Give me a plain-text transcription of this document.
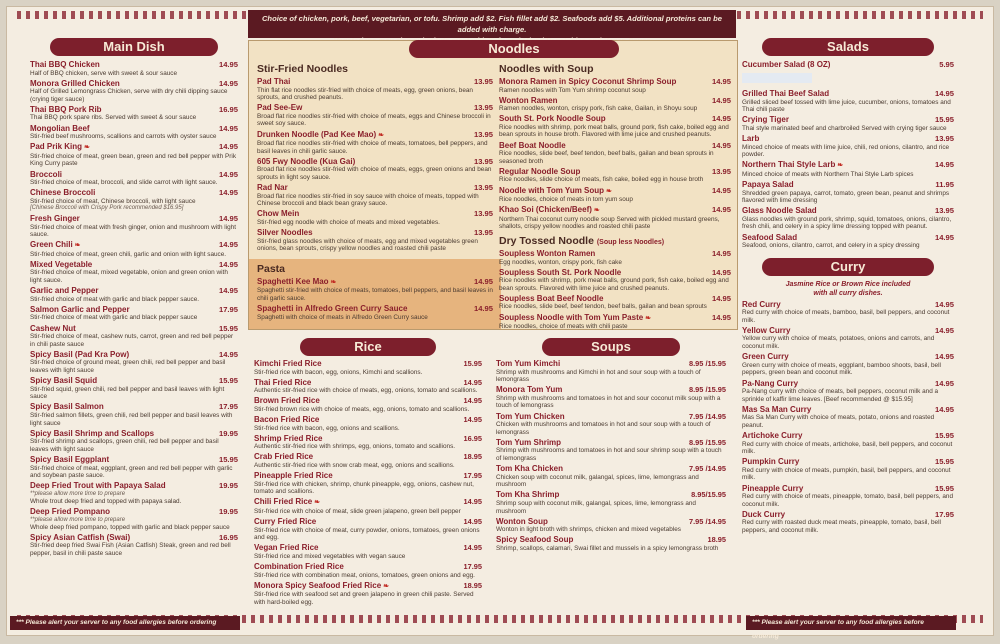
Choice of chicken, pork, beef, vegetarian, or tofu. Shrimp add $2. Fish fillet add $2. Seafoods add $5. Additional proteins can be added with charge.
Main Dish
Thai BBQ Chicken	14.95
Half of BBQ chicken, serve with sweet & sour sauce
Monora Grilled Chicken	14.95
Half of Grilled Lemongrass Chicken, serve with dry chili dipping sauce (crying tiger sauce)
Thai BBQ Pork Rib	16.95
Thai BBQ pork spare ribs. Served with sweet & sour sauce
Mongolian Beef	14.95
Stir-fried beef mushrooms, scallions and carrots with oyster sauce
Pad Prik King ❧	14.95
Stir-fried choice of meat, green bean, green and red bell pepper with Prik King Curry paste
Broccoli	14.95
Stir-fried choice of meat, broccoli, and slide carrot with light sauce.
Chinese Broccoli	14.95
Stir-fried choice of meat, Chinese broccoli, with light sauce
[Chinese Broccoli with Crispy Pork recommended $16.95]
Fresh Ginger	14.95
Stir-fried choice of meat with fresh ginger, onion and mushroom with light sauce.
Green Chili ❧	14.95
Stir-fried choice of meat, green chili, garlic and onion with light sauce.
Mixed Vegetable	14.95
Stir-fried choice of meat, mixed vegetable, onion and green onion with light sauce.
Garlic and Pepper	14.95
Stir-fried choice of meat with garlic and black pepper sauce.
Salmon Garlic and Pepper	17.95
Stir-fried choice of meat with garlic and black pepper sauce
Cashew Nut	15.95
Stir-fried choice of meat, cashew nuts, carrot, green and red bell pepper in chili paste sauce
Spicy Basil (Pad Kra Pow)	14.95
Stir-fried choice of ground meat, green chili, red bell pepper and basil leaves with light sauce
Spicy Basil Squid	15.95
Stir-fried squid, green chili, red bell pepper and basil leaves with light sauce
Spicy Basil Salmon	17.95
Stir-fried salmon fillets, green chili, red bell pepper and basil leaves with light sauce
Spicy Basil Shrimp and Scallops	19.95
Stir-fried shrimp and scallops, green chili, red bell pepper and basil leaves with light sauce
Spicy Basil Eggplant	15.95
Stir-fried choice of meat, eggplant, green and red bell pepper with garlic and soybean paste sauce.
Deep Fried Trout with Papaya Salad	19.95
**please allow more time to prepare
Whole trout deep fried and topped with papaya salad.
Deep Fried Pompano	19.95
**please allow more time to prepare
Whole deep fried pompano, topped with garlic and black pepper sauce
Spicy Asian Catfish (Swai)	16.95
Stir-fried deep fried Swai Fish (Asian Catfish) Steak, green and red bell pepper, basil in chili paste sauce
Noodles
Stir-Fried Noodles
Pad Thai	13.95
Thin flat rice noodles stir-fried with choice of meats, egg, green onions, bean sprouts, and crushed peanuts.
Pad See-Ew	13.95
Broad flat rice noodles stir-fried with choice of meats, eggs and Chinese broccoli in sweet soy sauce.
Drunken Noodle (Pad Kee Mao) ❧	13.95
Broad flat rice noodles stir-fried with choice of meats, tomatoes, bell peppers, and basil leaves in chili garlic sauce.
605 Fwy Noodle (Kua Gai)	13.95
Broad flat rice noodles stir-fried with choice of meats, eggs, green onions and bean sprouts in light soy sauce.
Rad Nar	13.95
Broad flat rice noodles stir-fried in soy sauce with choice of meats, topped with Chinese broccoli and black bean gravy sauce.
Chow Mein	13.95
Stir-fried egg noodle with choice of meats and mixed vegetables.
Silver Noodles	13.95
Stir-fried glass noodles with choice of meats, egg and mixed vegetables green onions, bean sprouts, crispy yellow noodles and roasted chili paste
Pasta
Spaghetti Kee Mao ❧	14.95
Spaghetti stir-fried with choice of meats, tomatoes, bell peppers, and basil leaves in chili garlic sauce.
Spaghetti in Alfredo Green Curry Sauce	14.95
Spaghetti with choice of meats in Alfredo Green Curry sauce
Noodles with Soup
Monora Ramen in Spicy Coconut Shrimp Soup	14.95
Ramen noodles with Tom Yum shrimp coconut soup
Wonton Ramen	14.95
Ramen noodles, wonton, crispy pork, fish cake, Gailan, in Shoyu soup
South St. Pork Noodle Soup	14.95
Rice noodles with shrimp, pork meat balls, ground pork, fish cake, boiled egg and bean sprouts in house broth. Flavored with lime juice and crushed peanuts.
Beef Boat Noodle	14.95
Rice noodles, slide beef, beef tendon, beef balls, gailan and bean sprouts in seasoned broth
Regular Noodle Soup	13.95
Rice noodles, slide choice of meats, fish cake, boiled egg in house broth
Noodle with Tom Yum Soup ❧	14.95
Rice noodles, choice of meats in tom yum soup
Khao Soi (Chicken/Beef) ❧	14.95
Northern Thai coconut curry noodle soup Served with pickled mustard greens, shallots, crispy yellow noodles and roasted chili paste
Dry Tossed Noodle (Soup less Noodles)
Soupless Wonton Ramen	14.95
Egg noodles, wonton, crispy pork, fish cake
Soupless South St. Pork Noodle	14.95
Rice noodles with shrimp, pork meat balls, ground pork, fish cake, boiled egg and bean sprouts. Flavored with lime juice and crushed peanuts.
Soupless Boat Beef Noodle	14.95
Rice noodles, slide beef, beef tendon, beef balls, gailan and bean sprouts
Soupless Noodle with Tom Yum Paste ❧	14.95
Rice noodles, choice of meats with chili paste
Rice
Kimchi Fried Rice	15.95
Stir-fried rice with bacon, egg, onions, Kimchi and scallions.
Thai Fried Rice	14.95
Authentic stir-fried rice with choice of meats, egg, onions, tomato and scallions.
Brown Fried Rice	14.95
Stir-fried brown rice with choice of meats, egg, onions, tomato and scallions.
Bacon Fried Rice	14.95
Stir-fried rice with bacon, egg, onions and scallions.
Shrimp Fried Rice	16.95
Authentic stir-fried rice with shrimps, egg, onions, tomato and scallions.
Crab Fried Rice	18.95
Authentic stir-fried rice with snow crab meat, egg, onions and scallions.
Pineapple Fried Rice	17.95
Stir-fried rice with chicken, shrimp, chunk pineapple, egg, onions, cashew nut, tomato and scallions.
Chili Fried Rice ❧	14.95
Stir-fried rice with choice of meat, slide green jalapeno, green bell pepper
Curry Fried Rice	14.95
Stir-fried rice with choice of meat, curry powder, onions, tomatoes, green onions and egg.
Vegan Fried Rice	14.95
Stir-fried rice and mixed vegetables with vegan sauce
Combination Fried Rice	17.95
Stir-fried rice with combination meat, onions, tomatoes, green onions and egg.
Monora Spicy Seafood Fried Rice ❧	18.95
Stir-fried rice with seafood set and green jalapeno in green chili paste. Served with hard-boiled egg.
Soups
Tom Yum Kimchi	8.95 /15.95
Shrimp with mushrooms and Kimchi in hot and sour soup with a touch of lemongrass
Monora Tom Yum	8.95 /15.95
Shrimp with mushrooms and tomatoes in hot and sour coconut milk soup with a touch of lemongrass
Tom Yum Chicken	7.95 /14.95
Chicken with mushrooms and tomatoes in hot and sour soup with a touch of lemongrass
Tom Yum Shrimp	8.95 /15.95
Shrimp with mushrooms and tomatoes in hot and sour shrimp soup with a touch of lemongrass
Tom Kha Chicken	7.95 /14.95
Chicken soup with coconut milk, galangal, spices, lime, lemongrass and mushroom
Tom Kha Shrimp	8.95/15.95
Shrimp soup with coconut milk, galangal, spices, lime, lemongrass and mushroom
Wonton Soup	7.95 /14.95
Wonton in light broth with shrimps, chicken and mixed vegetables
Spicy Seafood Soup	18.95
Shrimp, scallops, calamari, Swai fillet and mussels in a spicy lemongrass broth
Salads
Cucumber Salad (8 OZ)	5.95
Grilled Thai Beef Salad	14.95
Grilled sliced beef tossed with lime juice, cucumber, onions, tomatoes and Thai chili paste
Crying Tiger	15.95
Thai style marinated beef and charbroiled Served with crying tiger sauce
Larb	13.95
Minced choice of meats with lime juice, chili, red onions, cilantro, and rice powder.
Northern Thai Style Larb ❧	14.95
Minced choice of meats with Northern Thai Style Larb spices
Papaya Salad	11.95
Shredded green papaya, carrot, tomato, green bean, peanut and shrimps flavored with lime dressing
Glass Noodle Salad	13.95
Glass noodles with ground pork, shrimp, squid, tomatoes, onions, cilantro, fresh chili, and celery in a spicy lime dressing topped with peanut.
Seafood Salad	14.95
Seafood, onions, cilantro, carrot, and celery in a spicy dressing
Curry
Jasmine Rice or Brown Rice included
with all curry dishes.
Red Curry	14.95
Red curry with choice of meats, bamboo, basil, bell peppers, and coconut milk.
Yellow Curry	14.95
Yellow curry with choice of meats, potatoes, onions and carrots, and coconut milk.
Green Curry	14.95
Green curry with choice of meats, eggplant, bamboo shoots, basil, bell peppers, green bean and coconut milk.
Pa-Nang Curry	14.95
Pa-Nang curry with choice of meats, bell peppers, coconut milk and a sprinkle of kaffir lime leaves. [Beef recommended @ $15.95]
Mas Sa Man Curry	14.95
Mas Sa Man Curry with choice of meats, potato, onions and roasted peanut.
Artichoke Curry	15.95
Red curry with choice of meats, artichoke, basil, bell peppers, and coconut milk.
Pumpkin Curry	15.95
Red curry with choice of meats, pumpkin, basil, bell peppers, and coconut milk.
Pineapple Curry	15.95
Red curry with choice of meats, pineapple, tomato, basil, bell peppers, and coconut milk.
Duck Curry	17.95
Red curry with roasted duck meat meats, pineapple, tomato, basil, bell peppers, and coconut milk.
*** Please alert your server to any food allergies before ordering	*** Please alert your server to any food allergies before ordering
